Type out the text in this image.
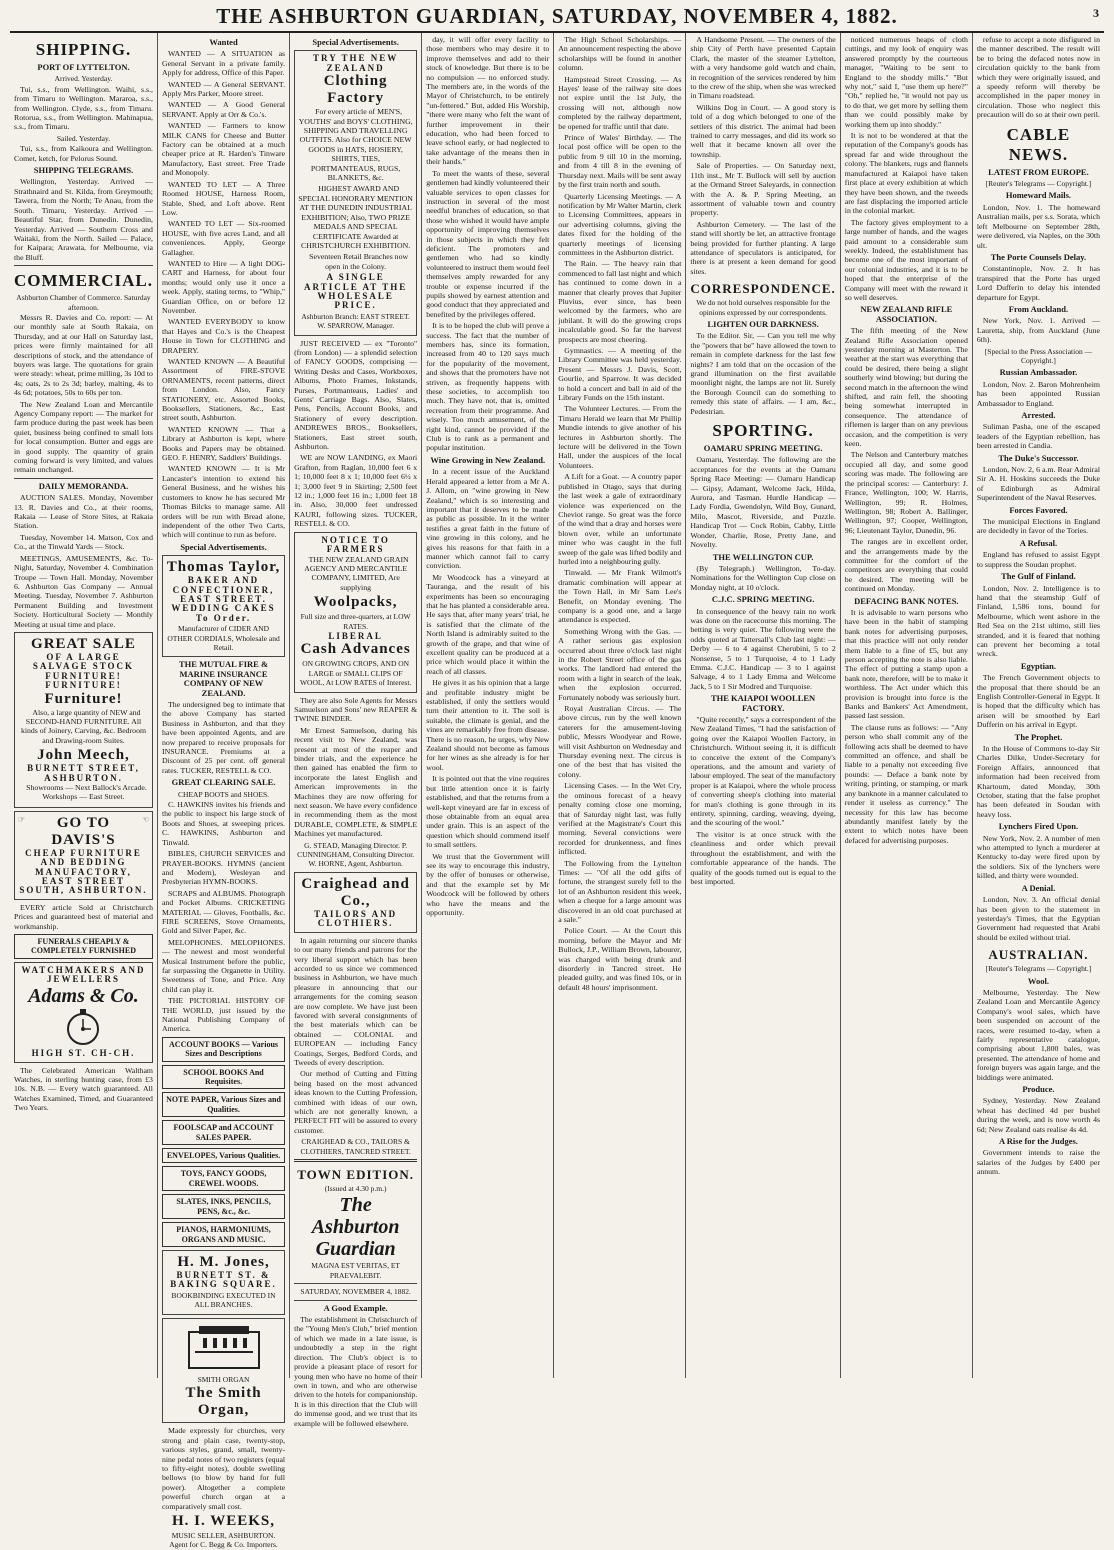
THE ASHBURTON GUARDIAN, SATURDAY, NOVEMBER 4, 1882.	3
SHIPPING.
PORT OF LYTTELTON.
Arrived. Yesterday.

Tui, s.s., from Wellington. Waihi, s.s., from Timaru to Wellington. Mararoa, s.s., from Wellington. Clyde, s.s., from Timaru. Rotorua, s.s., from Wellington. Mahinapua, s.s., from Timaru.

Sailed. Yesterday.

Tui, s.s., from Kaikoura and Wellington. Comet, ketch, for Pelorus Sound.

SHIPPING TELEGRAMS.

Wellington, Yesterday. Arrived — Strathnaird and St. Kilda, from Greymouth; Tawera, from the North; Te Anau, from the South. Timaru, Yesterday. Arrived — Beautiful Star, from Dunedin. Dunedin, Yesterday. Arrived — Southern Cross and Waitaki, from the North. Sailed — Palace, for Kaipara; Arawata, for Melbourne, via the Bluff.

COMMERCIAL.
Ashburton Chamber of Commerce. Saturday afternoon.

Messrs R. Davies and Co. report: — At our monthly sale at South Rakaia, on Thursday, and at our Hall on Saturday last, prices were firmly maintained for all descriptions of stock, and the attendance of buyers was large. The quotations for grain were steady: wheat, prime milling, 3s 10d to 4s; oats, 2s to 2s 3d; barley, malting, 4s to 4s 6d; potatoes, 50s to 60s per ton.

The New Zealand Loan and Mercantile Agency Company report: — The market for farm produce during the past week has been quiet, business being confined to small lots for local consumption. Butter and eggs are in good supply. The quantity of grain coming forward is very limited, and values remain unchanged.

DAILY MEMORANDA.

AUCTION SALES. Monday, November 13. R. Davies and Co., at their rooms, Rakaia — Lease of Store Sites, at Rakaia Station.

Tuesday, November 14. Matson, Cox and Co., at the Tinwald Yards — Stock.

MEETINGS, AMUSEMENTS, &c. To-Night, Saturday, November 4. Combination Troupe — Town Hall. Monday, November 6. Ashburton Gas Company — Annual Meeting. Tuesday, November 7. Ashburton Permanent Building and Investment Society. Horticultural Society — Monthly Meeting at usual time and place.

GREAT SALE
OF A LARGE SALVAGE STOCK
FURNITURE! FURNITURE!
Furniture!

Also, a large quantity of NEW and SECOND-HAND FURNITURE. All kinds of Joinery, Carving, &c. Bedroom and Drawing-room Suites.

John Meech,
BURNETT STREET, ASHBURTON.

Showrooms — Next Ballock's Arcade. Workshops — East Street.

☞ GO TO	☜
DAVIS'S
CHEAP FURNITURE AND BEDDING MANUFACTORY, EAST STREET SOUTH, ASHBURTON.

EVERY article Sold at Christchurch Prices and guaranteed best of material and workmanship.

FUNERALS CHEAPLY & COMPLETELY FURNISHED
WATCHMAKERS AND JEWELLERS
Adams & Co.
HIGH ST. CH-CH.

The Celebrated American Waltham Watches, in sterling hunting case, from £3 10s. N.B. — Every watch guaranteed. All Watches Examined, Timed, and Guaranteed Two Years.

Wanted

WANTED — A SITUATION as General Servant in a private family. Apply for address, Office of this Paper.

WANTED — A General SERVANT. Apply Mrs Parker, Moore street.

WANTED — A Good General SERVANT. Apply at Orr & Co.'s.

WANTED — Farmers to know MILK CANS for Cheese and Butter Factory can be obtained at a much cheaper price at R. Harden's Tinware Manufactory, East street. Free Trade and Monopoly.

WANTED TO LET — A Three Roomed HOUSE, Harness Room, Stable, Shed, and Loft above. Rent Low.

WANTED TO LET — Six-roomed HOUSE, with five acres Land, and all conveniences. Apply, George Gallagher.

WANTED to Hire — A light DOG-CART and Harness, for about four months; would only use it once a week. Apply, stating terms, to "Whip," Guardian Office, on or before 12 November.

WANTED EVERYBODY to know that Hayes and Co.'s is the Cheapest House in Town for CLOTHING and DRAPERY.

WANTED KNOWN — A Beautiful Assortment of FIRE-STOVE ORNAMENTS, recent patterns, direct from London. Also, Fancy STATIONERY, etc. Assorted Books, Booksellers, Stationers, &c., East street south, Ashburton.

WANTED KNOWN — That a Library at Ashburton is kept, where Books and Papers may be obtained. GEO. F. HENRY, Saddlers' Buildings.

WANTED KNOWN — It is Mr Lancaster's intention to extend his General Business, and he wishes his customers to know he has secured Mr Thomas Bilcks to manage same. All orders will be run with Bread alone, independent of the other Two Carts, which will continue to run as before.

Special Advertisements.
Thomas Taylor,
BAKER AND CONFECTIONER, EAST STREET.
WEDDING CAKES To Order.
Manufacturer of CIDER AND OTHER CORDIALS, Wholesale and Retail.
THE MUTUAL FIRE & MARINE INSURANCE COMPANY OF NEW ZEALAND.

The undersigned beg to intimate that the above Company has started Business in Ashburton, and that they have been appointed Agents, and are now prepared to receive proposals for INSURANCE. Premiums at a Discount of 25 per cent. off general rates. TUCKER, RESTELL & CO.

GREAT CLEARING SALE.
CHEAP BOOTS and SHOES.

C. HAWKINS invites his friends and the public to inspect his large stock of Boots and Shoes, at sweeping prices. C. HAWKINS, Ashburton and Tinwald.

BIBLES, CHURCH SERVICES and PRAYER-BOOKS. HYMNS (ancient and Modern), Wesleyan and Presbyterian HYMN-BOOKS.

SCRAPS and ALBUMS. Photograph and Pocket Albums. CRICKETING MATERIAL — Gloves, Footballs, &c. FIRE SCREENS, Stove Ornaments, Gold and Silver Paper, &c.

MELOPHONES. MELOPHONES. — The newest and most wonderful Musical Instrument before the public, far surpassing the Organette in Utility. Sweetness of Tone, and Price. Any child can play it.

THE PICTORIAL HISTORY OF THE WORLD, just issued by the National Publishing Company of America.

ACCOUNT BOOKS — Various Sizes and Descriptions
SCHOOL BOOKS And Requisites.
NOTE PAPER, Various Sizes and Qualities.
FOOLSCAP and ACCOUNT SALES PAPER.
ENVELOPES, Various Qualities.
TOYS, FANCY GOODS, CREWEL WOODS.
SLATES, INKS, PENCILS, PENS, &c., &c.
PIANOS, HARMONIUMS, ORGANS AND MUSIC.
H. M. Jones,
BURNETT ST. & BAKING SQUARE.
BOOKBINDING EXECUTED IN ALL BRANCHES.
SMITH ORGAN
The Smith Organ,

Made expressly for churches, very strong and plain case, twenty-stop, various styles, grand, small, twenty-nine pedal notes of two registers (equal to fifty-eight notes), double swelling bellows (to blow by hand for full power). Altogether a complete powerful church organ at a comparatively small cost.

H. I. WEEKS,
MUSIC SELLER, ASHBURTON. Agent for C. Begg & Co. Importers.
Special Advertisements.
TRY THE NEW ZEALAND
Clothing Factory

For every article of MEN'S, YOUTHS' and BOYS' CLOTHING, SHIPPING AND TRAVELLING OUTFITS. Also for CHOICE NEW GOODS in HATS, HOSIERY, SHIRTS, TIES, PORTMANTEAUS, RUGS, BLANKETS, &c.

HIGHEST AWARD AND SPECIAL HONORARY MENTION AT THE DUNEDIN INDUSTRIAL EXHIBITION; Also, TWO PRIZE MEDALS AND SPECIAL CERTIFICATE Awarded at CHRISTCHURCH EXHIBITION.

Seventeen Retail Branches now open in the Colony.

A SINGLE ARTICLE AT THE WHOLESALE PRICE.
Ashburton Branch: EAST STREET. W. SPARROW, Manager.

JUST RECEIVED — ex "Toronto" (from London) — a splendid selection of FANCY GOODS, comprising — Writing Desks and Cases, Workboxes, Albums, Photo Frames, Inkstands, Purses, Portmanteaus, Ladies' and Gents' Carriage Bags. Also, Slates, Pens, Pencils, Account Books, and Stationery of every description. ANDREWES BROS., Booksellers, Stationers, East street south, Ashburton.

WE are NOW LANDING, ex Maori Grafton, from Raglan, 10,000 feet 6 x 1; 10,000 feet 8 x 1; 10,000 feet 6½ x 1; 3,000 feet 9 in Skirting; 2,500 feet 12 in.; 1,000 feet 16 in.; 1,000 feet 18 in. Also, 30,000 feet undressed KAURI, following sizes. TUCKER, RESTELL & CO.

NOTICE TO FARMERS

THE NEW ZEALAND GRAIN AGENCY AND MERCANTILE COMPANY, LIMITED, Are supplying

Woolpacks,
Full size and three-quarters, at LOW RATES.
LIBERAL
Cash Advances
ON GROWING CROPS, AND ON LARGE or SMALL CLIPS OF WOOL, At LOW RATES of Interest.

They are also Sole Agents for Messrs Samuelson and Sons' new REAPER & TWINE BINDER.

Mr Ernest Samuelson, during his recent visit to New Zealand, was present at most of the reaper and binder trials, and the experience he then gained has enabled the firm to incorporate the latest English and American improvements in the Machines they are now offering for next season. We have every confidence in recommending them as the most DURABLE, COMPLETE, & SIMPLE Machines yet manufactured.

G. STEAD, Managing Director. P. CUNNINGHAM, Consulting Director. W. HORNE, Agent, Ashburton.
Craighead and Co.,
TAILORS AND CLOTHIERS.

In again returning our sincere thanks to our many friends and patrons for the very liberal support which has been accorded to us since we commenced business in Ashburton, we have much pleasure in announcing that our arrangements for the coming season are now complete. We have just been favored with several consignments of the best materials which can be obtained — COLONIAL and EUROPEAN — including Fancy Coatings, Serges, Bedford Cords, and Tweeds of every description.

Our method of Cutting and Fitting being based on the most advanced ideas known to the Cutting Profession, combined with ideas of our own, which are not generally known, a PERFECT FIT will be assured to every customer.

CRAIGHEAD & CO., TAILORS & CLOTHIERS, TANCRED STREET.
TOWN EDITION.
(Issued at 4.30 p.m.)
The Ashburton Guardian
MAGNA EST VERITAS, ET PRAEVALEBIT.
SATURDAY, NOVEMBER 4, 1882.
A Good Example.

The establishment in Christchurch of the "Young Men's Club," brief mention of which we made in a late issue, is undoubtedly a step in the right direction. The Club's object is to provide a pleasant place of resort for young men who have no home of their own in town, and who are otherwise driven to the hotels for companionship. It is in this direction that the Club will do immense good, and we trust that its example will be followed elsewhere.

day, it will offer every facility to those members who may desire it to improve themselves and add to their stock of knowledge. But there is to be no compulsion — no enforced study. The members are, in the words of the Mayor of Christchurch, to be entirely "un-fettered." But, added His Worship, "there were many who felt the want of further improvement in their education, who had been forced to leave school early, or had neglected to take advantage of the means then in their hands."

To meet the wants of these, several gentlemen had kindly volunteered their valuable services to open classes for instruction in several of the most needful branches of education, so that those who wished it would have ample opportunity of improving themselves in those subjects in which they felt deficient. The promoters and gentlemen who had so kindly volunteered to instruct them would feel themselves amply rewarded for any trouble or expense incurred if the pupils showed by earnest attention and good conduct that they appreciated and benefited by the privileges offered.

It is to be hoped the club will prove a success. The fact that the number of members has, since its formation, increased from 40 to 120 says much for the popularity of the movement, and shows that the promoters have not striven, as frequently happens with these societies, to accomplish too much. They have not, that is, omitted recreation from their programme. And wisely. Too much amusement, of the right kind, cannot be provided if the Club is to rank as a permanent and popular institution.

Wine Growing in New Zealand.

In a recent issue of the Auckland Herald appeared a letter from a Mr A. J. Allom, on "wine growing in New Zealand," which is so interesting and important that it deserves to be made as public as possible. In it the writer testifies a great faith in the future of vine growing in this colony, and he gives his reasons for that faith in a manner which cannot fail to carry conviction.

Mr Woodcock has a vineyard at Tauranga, and the result of his experiments has been so encouraging that he has planted a considerable area. He says that, after many years' trial, he is satisfied that the climate of the North Island is admirably suited to the growth of the grape, and that wine of excellent quality can be produced at a price which would place it within the reach of all classes.

He gives it as his opinion that a large and profitable industry might be established, if only the settlers would turn their attention to it. The soil is suitable, the climate is genial, and the vines are remarkably free from disease. There is no reason, he urges, why New Zealand should not become as famous for her wines as she already is for her wool.

It is pointed out that the vine requires but little attention once it is fairly established, and that the returns from a well-kept vineyard are far in excess of those obtainable from an equal area under grain. This is an aspect of the question which should commend itself to small settlers.

We trust that the Government will see its way to encourage this industry, by the offer of bonuses or otherwise, and that the example set by Mr Woodcock will be followed by others who have the means and the opportunity.

The High School Scholarships. — An announcement respecting the above scholarships will be found in another column.

Hampstead Street Crossing. — As Hayes' lease of the railway site does not expire until the 1st July, the crossing will not, although now completed by the railway department, be opened for traffic until that date.

Prince of Wales' Birthday. — The local post office will be open to the public from 9 till 10 in the morning, and from 4 till 8 in the evening of Thursday next. Mails will be sent away by the first train north and south.

Quarterly Licensing Meetings. — A notification by Mr Walter Martin, clerk to Licensing Committees, appears in our advertising columns, giving the dates fixed for the holding of the quarterly meetings of licensing committees in the Ashburton district.

The Rain. — The heavy rain that commenced to fall last night and which has continued to come down in a manner that clearly proves that Jupiter Pluvius, ever since, has been welcomed by the farmers, who are jubilant. It will do the growing crops incalculable good. So far the harvest prospects are most cheering.

Gymnastics. — A meeting of the Library Committee was held yesterday. Present — Messrs J. Davis, Scott, Gourlie, and Sparrow. It was decided to hold a concert and ball in aid of the Library Funds on the 15th instant.

The Volunteer Lectures. — From the Timaru Herald we learn that Mr Phillip Mundie intends to give another of his lectures in Ashburton shortly. The lecture will be delivered in the Town Hall, under the auspices of the local Volunteers.

A Lift for a Goat. — A country paper published in Otago, says that during the last week a gale of extraordinary violence was experienced on the Cheviot range. So great was the force of the wind that a dray and horses were blown over, while an unfortunate miner who was caught in the full sweep of the gale was lifted bodily and hurled into a neighbouring gully.

Tinwald. — Mr Frank Wilmott's dramatic combination will appear at the Town Hall, in Mr Sam Lee's Benefit, on Monday evening. The company is a good one, and a large attendance is expected.

Something Wrong with the Gas. — A rather serious gas explosion occurred about three o'clock last night in the Robert Street office of the gas works. The landlord had entered the room with a light in search of the leak, when the explosion occurred. Fortunately nobody was seriously hurt.

Royal Australian Circus. — The above circus, run by the well known caterers for the amusement-loving public, Messrs Woodyear and Rowe, will visit Ashburton on Wednesday and Thursday evening next. The circus is one of the best that has visited the colony.

Licensing Cases. — In the Wet Cry, the ominous forecast of a heavy penalty coming close one morning, that of Saturday night last, was fully verified at the Magistrate's Court this morning. Several convictions were recorded for drunkenness, and fines inflicted.

The Following from the Lyttelton Times: — "Of all the odd gifts of fortune, the strangest surely fell to the lot of an Ashburton resident this week, when a cheque for a large amount was discovered in an old coat purchased at a sale."

Police Court. — At the Court this morning, before the Mayor and Mr Bullock, J.P., William Brown, labourer, was charged with being drunk and disorderly in Tancred street. He pleaded guilty, and was fined 10s, or in default 48 hours' imprisonment.

A Handsome Present. — The owners of the ship City of Perth have presented Captain Clark, the master of the steamer Lyttelton, with a very handsome gold watch and chain, in recognition of the services rendered by him to the crew of the ship, when she was wrecked in Timaru roadstead.

Wilkins Dog in Court. — A good story is told of a dog which belonged to one of the settlers of this district. The animal had been trained to carry messages, and did its work so well that it became known all over the township.

Sale of Properties. — On Saturday next, 11th inst., Mr T. Bullock will sell by auction at the Ormand Street Saleyards, in connection with the A. & P. Spring Meeting, an assortment of valuable town and country property.

Ashburton Cemetery. — The last of the stand will shortly be let, an attractive frontage being provided for further planting. A large attendance of speculators is anticipated, for there is at present a keen demand for good sites.

CORRESPONDENCE.
We do not hold ourselves responsible for the opinions expressed by our correspondents.
LIGHTEN OUR DARKNESS.

To the Editor. Sir, — Can you tell me why the "powers that be" have allowed the town to remain in complete darkness for the last few nights? I am told that on the occasion of the grand illumination on the first available moonlight night, the lamps are not lit. Surely the Borough Council can do something to remedy this state of affairs. — I am, &c., Pedestrian.

SPORTING.
OAMARU SPRING MEETING.

Oamaru, Yesterday. The following are the acceptances for the events at the Oamaru Spring Race Meeting: — Oamaru Handicap — Gipsy, Adamant, Welcome Jack, Hilda, Aurora, and Tasman. Hurdle Handicap — Lady Fordia, Gwendolyn, Wild Boy, Gunard, Milo, Mascot, Riverside, and Puzzle. Handicap Trot — Cock Robin, Cabby, Little Wonder, Charlie, Rose, Pretty Jane, and Novelty.

THE WELLINGTON CUP.

(By Telegraph.) Wellington, To-day. Nominations for the Wellington Cup close on Monday night, at 10 o'clock.

C.J.C. SPRING MEETING.

In consequence of the heavy rain no work was done on the racecourse this morning. The betting is very quiet. The following were the odds quoted at Tattersall's Club last night: — Derby — 6 to 4 against Cherubini, 5 to 2 Nonsense, 5 to 1 Turquoise, 4 to 1 Lady Emma. C.J.C. Handicap — 3 to 1 against Salvage, 4 to 1 Lady Emma and Welcome Jack, 5 to 1 Sir Modred and Turquoise.

THE KAIAPOI WOOLLEN FACTORY.

"Quite recently," says a correspondent of the New Zealand Times, "I had the satisfaction of going over the Kaiapoi Woollen Factory, in Christchurch. Without seeing it, it is difficult to conceive the extent of the Company's operations, and the amount and variety of labour employed. The seat of the manufactory proper is at Kaiapoi, where the whole process of converting sheep's clothing into material for man's clothing is gone through in its entirety, spinning, carding, weaving, dyeing, and the scouring of the wool."

The visitor is at once struck with the cleanliness and order which prevail throughout the establishment, and with the comfortable appearance of the hands. The quality of the goods turned out is equal to the best imported.

noticed numerous heaps of cloth cuttings, and my look of enquiry was answered promptly by the courteous manager, "Waiting to be sent to England to the shoddy mills." "But why not," said I, "use them up here?" "Oh," replied he, "it would not pay us to do that, we get more by selling them than we could possibly make by working them up into shoddy."

It is not to be wondered at that the reputation of the Company's goods has spread far and wide throughout the colony. The blankets, rugs and flannels manufactured at Kaiapoi have taken first place at every exhibition at which they have been shown, and the tweeds are fast displacing the imported article in the colonial market.

The factory gives employment to a large number of hands, and the wages paid amount to a considerable sum weekly. Indeed, the establishment has become one of the most important of our colonial industries, and it is to be hoped that the enterprise of the Company will meet with the reward it so well deserves.

NEW ZEALAND RIFLE ASSOCIATION.

The fifth meeting of the New Zealand Rifle Association opened yesterday morning at Masterton. The weather at the start was everything that could be desired, there being a slight southerly wind blowing; but during the second match in the afternoon the wind shifted, and rain fell, the shooting being somewhat interrupted in consequence. The attendance of riflemen is larger than on any previous occasion, and the competition is very keen.

The Nelson and Canterbury matches occupied all day, and some good scoring was made. The following are the principal scores: — Canterbury: J. France, Wellington, 100; W. Harris, Wellington, 99; R. Holmes, Wellington, 98; Robert A. Ballinger, Wellington, 97; Cooper, Wellington, 96; Lieutenant Taylor, Dunedin, 96.

The ranges are in excellent order, and the arrangements made by the committee for the comfort of the competitors are everything that could be desired. The meeting will be continued on Monday.

DEFACING BANK NOTES.

It is advisable to warn persons who have been in the habit of stamping bank notes for advertising purposes, that this practice will not only render them liable to a fine of £5, but any person accepting the note is also liable. The effect of putting a stamp upon a bank note, therefore, will be to make it worthless. The Act under which this provision is brought into force is the Banks and Bankers' Act Amendment, passed last session.

The clause runs as follows: — "Any person who shall commit any of the following acts shall be deemed to have committed an offence, and shall be liable to a penalty not exceeding five pounds: — Deface a bank note by writing, printing, or stamping, or mark any banknote in a manner calculated to render it useless as currency." The necessity for this law has become abundantly manifest lately by the extent to which notes have been defaced for advertising purposes.

refuse to accept a note disfigured in the manner described. The result will be to bring the defaced notes now in circulation quickly to the bank from which they were originally issued, and a speedy reform will thereby be accomplished in the paper money in circulation. Those who neglect this precaution will do so at their own peril.

CABLE NEWS.
LATEST FROM EUROPE.
[Reuter's Telegrams — Copyright.]
Homeward Mails.

London, Nov. 1. The homeward Australian mails, per s.s. Sorata, which left Melbourne on September 28th, were delivered, via Naples, on the 30th ult.

The Porte Counsels Delay.

Constantinople, Nov. 2. It has transpired that the Porte has urged Lord Dufferin to delay his intended departure for Egypt.

From Auckland.

New York, Nov. 1. Arrived — Lauretta, ship, from Auckland (June 6th).

[Special to the Press Association — Copyright.]
Russian Ambassador.

London, Nov. 2. Baron Mohrenheim has been appointed Russian Ambassador to England.

Arrested.

Suliman Pasha, one of the escaped leaders of the Egyptian rebellion, has been arrested in Candia.

The Duke's Successor.

London, Nov. 2, 6 a.m. Rear Admiral Sir A. H. Hoskins succeeds the Duke of Edinburgh as Admiral Superintendent of the Naval Reserves.

Forces Favored.

The municipal Elections in England are decidedly in favor of the Tories.

A Refusal.

England has refused to assist Egypt to suppress the Soudan prophet.

The Gulf of Finland.

London, Nov. 2. Intelligence is to hand that the steamship Gulf of Finland, 1,586 tons, bound for Melbourne, which went ashore in the Red Sea on the 21st ultimo, still lies stranded, and it is feared that nothing can prevent her becoming a total wreck.

Egyptian.

The French Government objects to the proposal that there should be an English Controller-General in Egypt. It is hoped that the difficulty which has arisen will be smoothed by Earl Dufferin on his arrival in Egypt.

The Prophet.

In the House of Commons to-day Sir Charles Dilke, Under-Secretary for Foreign Affairs, announced that information had been received from Khartoum, dated Monday, 30th October, stating that the false prophet has been defeated in Soudan with heavy loss.

Lynchers Fired Upon.

New York, Nov. 2. A number of men who attempted to lynch a murderer at Kentucky to-day were fired upon by the soldiers. Six of the lynchers were killed, and thirty were wounded.

A Denial.

London, Nov. 3. An official denial has been given to the statement in yesterday's Times, that the Egyptian Government had requested that Arabi should be exiled without trial.

AUSTRALIAN.
[Reuter's Telegrams — Copyright.]
Wool.

Melbourne, Yesterday. The New Zealand Loan and Mercantile Agency Company's wool sales, which have been suspended on account of the races, were resumed to-day, when a fairly representative catalogue, comprising about 1,800 bales, was presented. The attendance of home and foreign buyers was again large, and the biddings were animated.

Produce.

Sydney, Yesterday. New Zealand wheat has declined 4d per bushel during the week, and is now worth 4s 6d; New Zealand oats realise 4s 4d.

A Rise for the Judges.

Government intends to raise the salaries of the Judges by £400 per annum.
